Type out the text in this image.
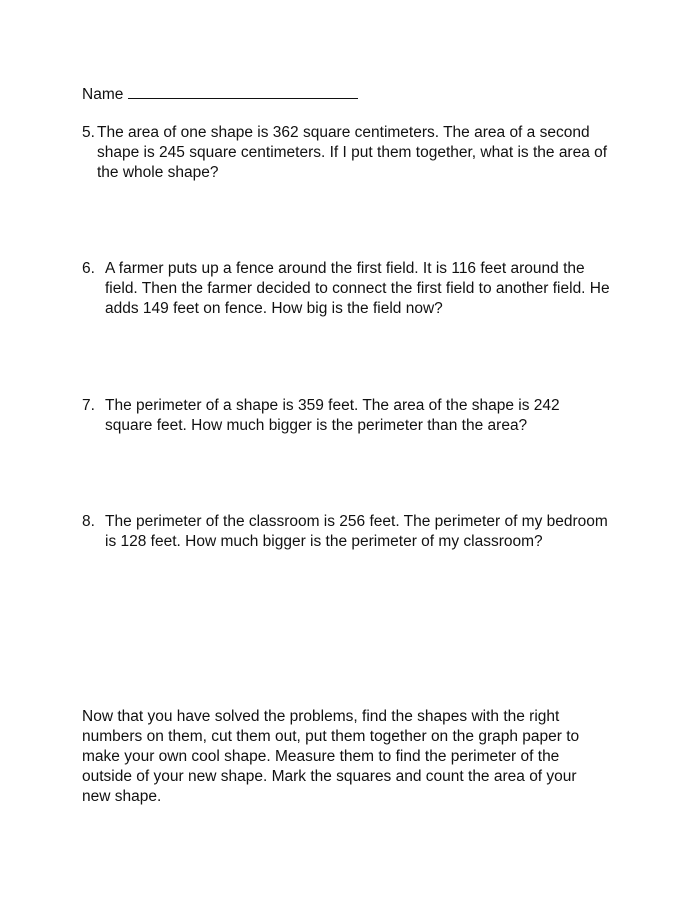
Name
5. The area of one shape is 362 square centimeters. The area of a second shape is 245 square centimeters. If I put them together, what is the area of the whole shape?
6. A farmer puts up a fence around the first field. It is 116 feet around the field. Then the farmer decided to connect the first field to another field. He adds 149 feet on fence. How big is the field now?
7. The perimeter of a shape is 359 feet. The area of the shape is 242 square feet. How much bigger is the perimeter than the area?
8. The perimeter of the classroom is 256 feet. The perimeter of my bedroom is 128 feet. How much bigger is the perimeter of my classroom?
Now that you have solved the problems, find the shapes with the right numbers on them, cut them out, put them together on the graph paper to make your own cool shape. Measure them to find the perimeter of the outside of your new shape. Mark the squares and count the area of your new shape.
